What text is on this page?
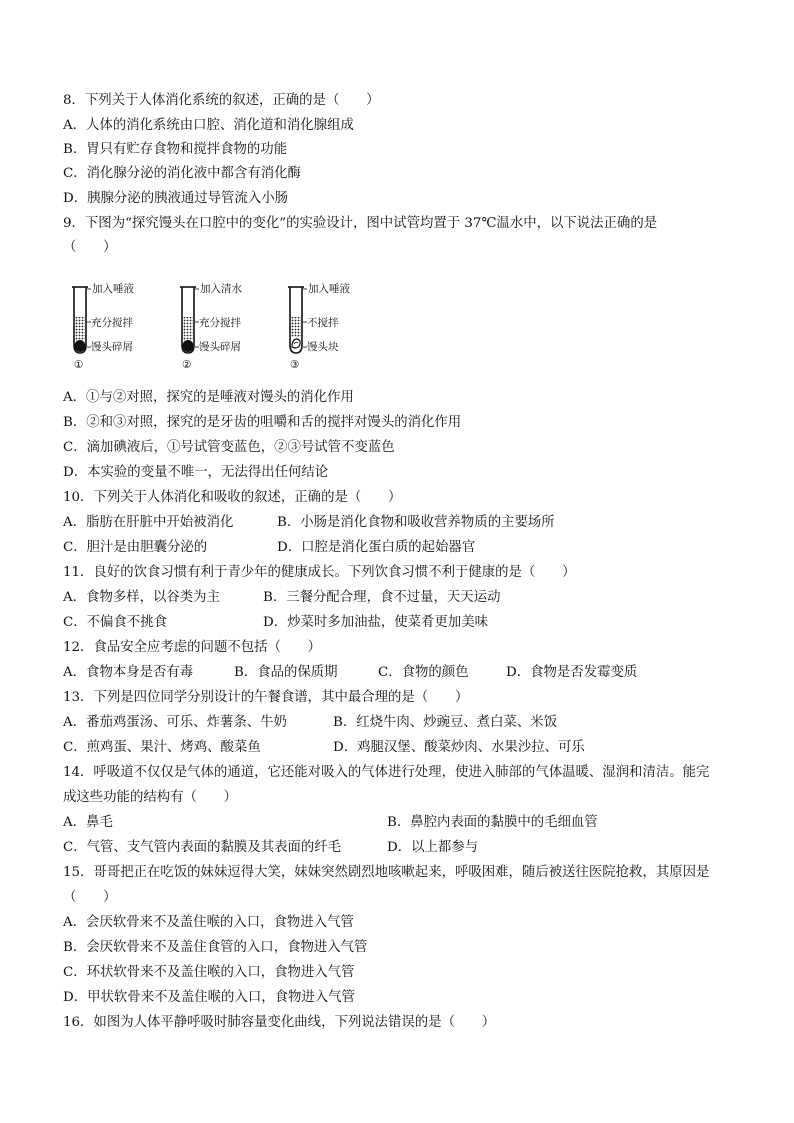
8．下列关于人体消化系统的叙述，正确的是（　　）
A．人体的消化系统由口腔、消化道和消化腺组成
B．胃只有贮存食物和搅拌食物的功能
C．消化腺分泌的消化液中都含有消化酶
D．胰腺分泌的胰液通过导管流入小肠
9．下图为“探究馒头在口腔中的变化”的实验设计，图中试管均置于 37℃温水中，以下说法正确的是
（　　）
加入唾液
充分搅拌
馒头碎屑
①
加入清水
充分搅拌
馒头碎屑
②
加入唾液
不搅拌
馒头块
③
A．①与②对照，探究的是唾液对馒头的消化作用
B．②和③对照，探究的是牙齿的咀嚼和舌的搅拌对馒头的消化作用
C．滴加碘液后，①号试管变蓝色，②③号试管不变蓝色
D．本实验的变量不唯一，无法得出任何结论
10．下列关于人体消化和吸收的叙述，正确的是（　　）
A．脂肪在肝脏中开始被消化	B．小肠是消化食物和吸收营养物质的主要场所
C．胆汁是由胆囊分泌的	D．口腔是消化蛋白质的起始器官
11．良好的饮食习惯有利于青少年的健康成长。下列饮食习惯不利于健康的是（　　）
A．食物多样，以谷类为主	B．三餐分配合理，食不过量，天天运动
C．不偏食不挑食	D．炒菜时多加油盐，使菜肴更加美味
12．食品安全应考虑的问题不包括（　　）
A．食物本身是否有毒	B．食品的保质期	C．食物的颜色	D．食物是否发霉变质
13．下列是四位同学分别设计的午餐食谱，其中最合理的是（　　）
A．番茄鸡蛋汤、可乐、炸薯条、牛奶	B．红烧牛肉、炒豌豆、煮白菜、米饭
C．煎鸡蛋、果汁、烤鸡、酸菜鱼	D．鸡腿汉堡、酸菜炒肉、水果沙拉、可乐
14．呼吸道不仅仅是气体的通道，它还能对吸入的气体进行处理，使进入肺部的气体温暖、湿润和清洁。能完
成这些功能的结构有（　　）
A．鼻毛	B．鼻腔内表面的黏膜中的毛细血管
C．气管、支气管内表面的黏膜及其表面的纤毛	D．以上都参与
15．哥哥把正在吃饭的妹妹逗得大笑，妹妹突然剧烈地咳嗽起来，呼吸困难，随后被送往医院抢救，其原因是
（　　）
A．会厌软骨来不及盖住喉的入口，食物进入气管
B．会厌软骨来不及盖住食管的入口，食物进入气管
C．环状软骨来不及盖住喉的入口，食物进入气管
D．甲状软骨来不及盖住喉的入口，食物进入气管
16．如图为人体平静呼吸时肺容量变化曲线，下列说法错误的是（　　）
